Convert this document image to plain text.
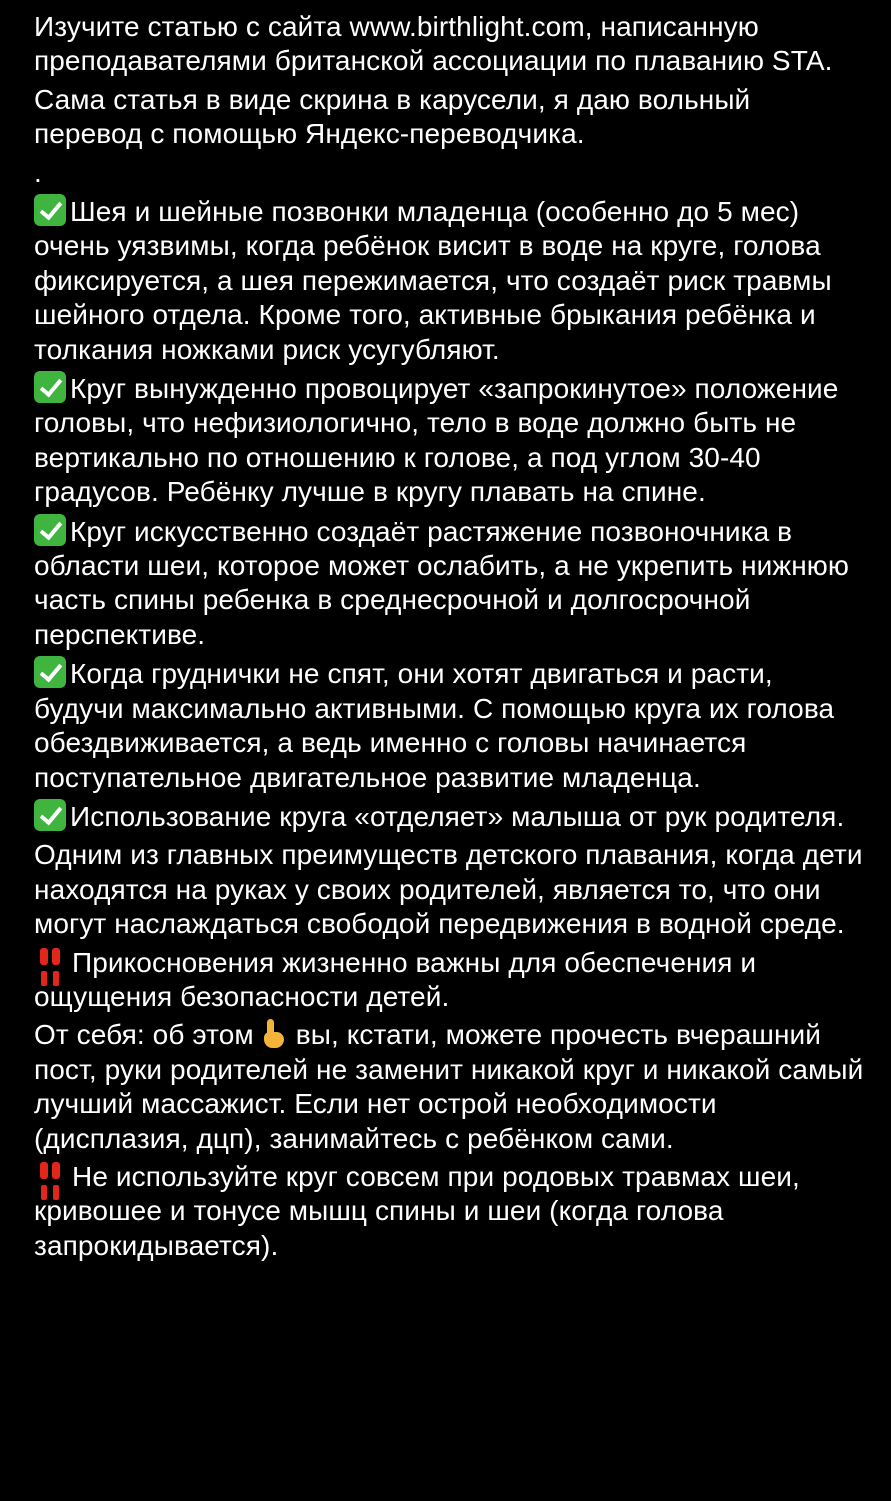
Изучите статью с сайта www.birthlight.com, написанную преподавателями британской ассоциации по плаванию STA.

Сама статья в виде скрина в карусели, я даю вольный перевод с помощью Яндекс-переводчика.

.

Шея и шейные позвонки младенца (особенно до 5 мес) очень уязвимы, когда ребёнок висит в воде на круге, голова фиксируется, а шея пережимается, что создаёт риск травмы шейного отдела. Кроме того, активные брыкания ребёнка и толкания ножками риск усугубляют.

Круг вынужденно провоцирует «запрокинутое» положение головы, что нефизиологично, тело в воде должно быть не вертикально по отношению к голове, а под углом 30-40 градусов. Ребёнку лучше в кругу плавать на спине.

Круг искусственно создаёт растяжение позвоночника в области шеи, которое может ослабить, а не укрепить нижнюю часть спины ребенка в среднесрочной и долгосрочной перспективе.

Когда груднички не спят, они хотят двигаться и расти, будучи максимально активными. С помощью круга их голова обездвиживается, а ведь именно с головы начинается поступательное двигательное развитие младенца.

Использование круга «отделяет» малыша от рук родителя.

Одним из главных преимуществ детского плавания, когда дети находятся на руках у своих родителей, является то, что они могут наслаждаться свободой передвижения в водной среде.

Прикосновения жизненно важны для обеспечения и ощущения безопасности детей.

От себя: об этом вы, кстати, можете прочесть вчерашний пост, руки родителей не заменит никакой круг и никакой самый лучший массажист. Если нет острой необходимости (дисплазия, дцп), занимайтесь с ребёнком сами.

Не используйте круг совсем при родовых травмах шеи, кривошее и тонусе мышц спины и шеи (когда голова запрокидывается).
